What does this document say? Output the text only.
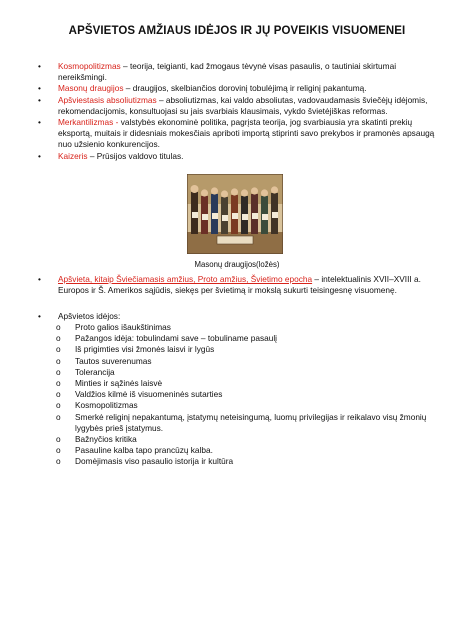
APŠVIETOS AMŽIAUS IDĖJOS IR JŲ POVEIKIS VISUOMENEI
• Kosmopolitizmas – teorija, teigianti, kad žmogaus tėvynė visas pasaulis, o tautiniai skirtumai nereikšmingi.
• Masonų draugijos – draugijos, skelbiančios dorovinį tobulėjimą ir religinį pakantumą.
• Apšviestasis absoliutizmas – absoliutizmas, kai valdo absoliutas, vadovaudamasis šviečėjų idėjomis, rekomendacijomis, konsultuojasi su jais svarbiais klausimais, vykdo švietėjiškas reformas.
• Merkantilizmas - valstybės ekonominė politika, pagrįsta teorija, jog svarbiausia yra skatinti prekių eksportą, muitais ir didesniais mokesčiais apriboti importą stiprinti savo prekybos ir pramonės apsaugą nuo užsienio konkurencijos.
• Kaizeris – Prūsijos valdovo titulas.
Masonų draugijos(ložės)
• Apšvieta, kitaip Šviečiamasis amžius, Proto amžius, Švietimo epocha – intelektualinis XVII–XVIII a. Europos ir Š. Amerikos sąjūdis, siekęs per švietimą ir mokslą sukurti teisingesnę visuomenę.
• Apšvietos idėjos:
o Proto galios išaukštinimas
o Pažangos idėja: tobulindami save – tobuliname pasaulį
o Iš prigimties visi žmonės laisvi ir lygūs
o Tautos suverenumas
o Tolerancija
o Minties ir sąžinės laisvė
o Valdžios kilmė iš visuomeninės sutarties
o Kosmopolitizmas
o Smerkė religinį nepakantumą, įstatymų neteisingumą, luomų privilegijas ir reikalavo visų žmonių lygybės prieš įstatymus.
o Bažnyčios kritika
o Pasauline kalba tapo prancūzų kalba.
o Domėjimasis viso pasaulio istorija ir kultūra
